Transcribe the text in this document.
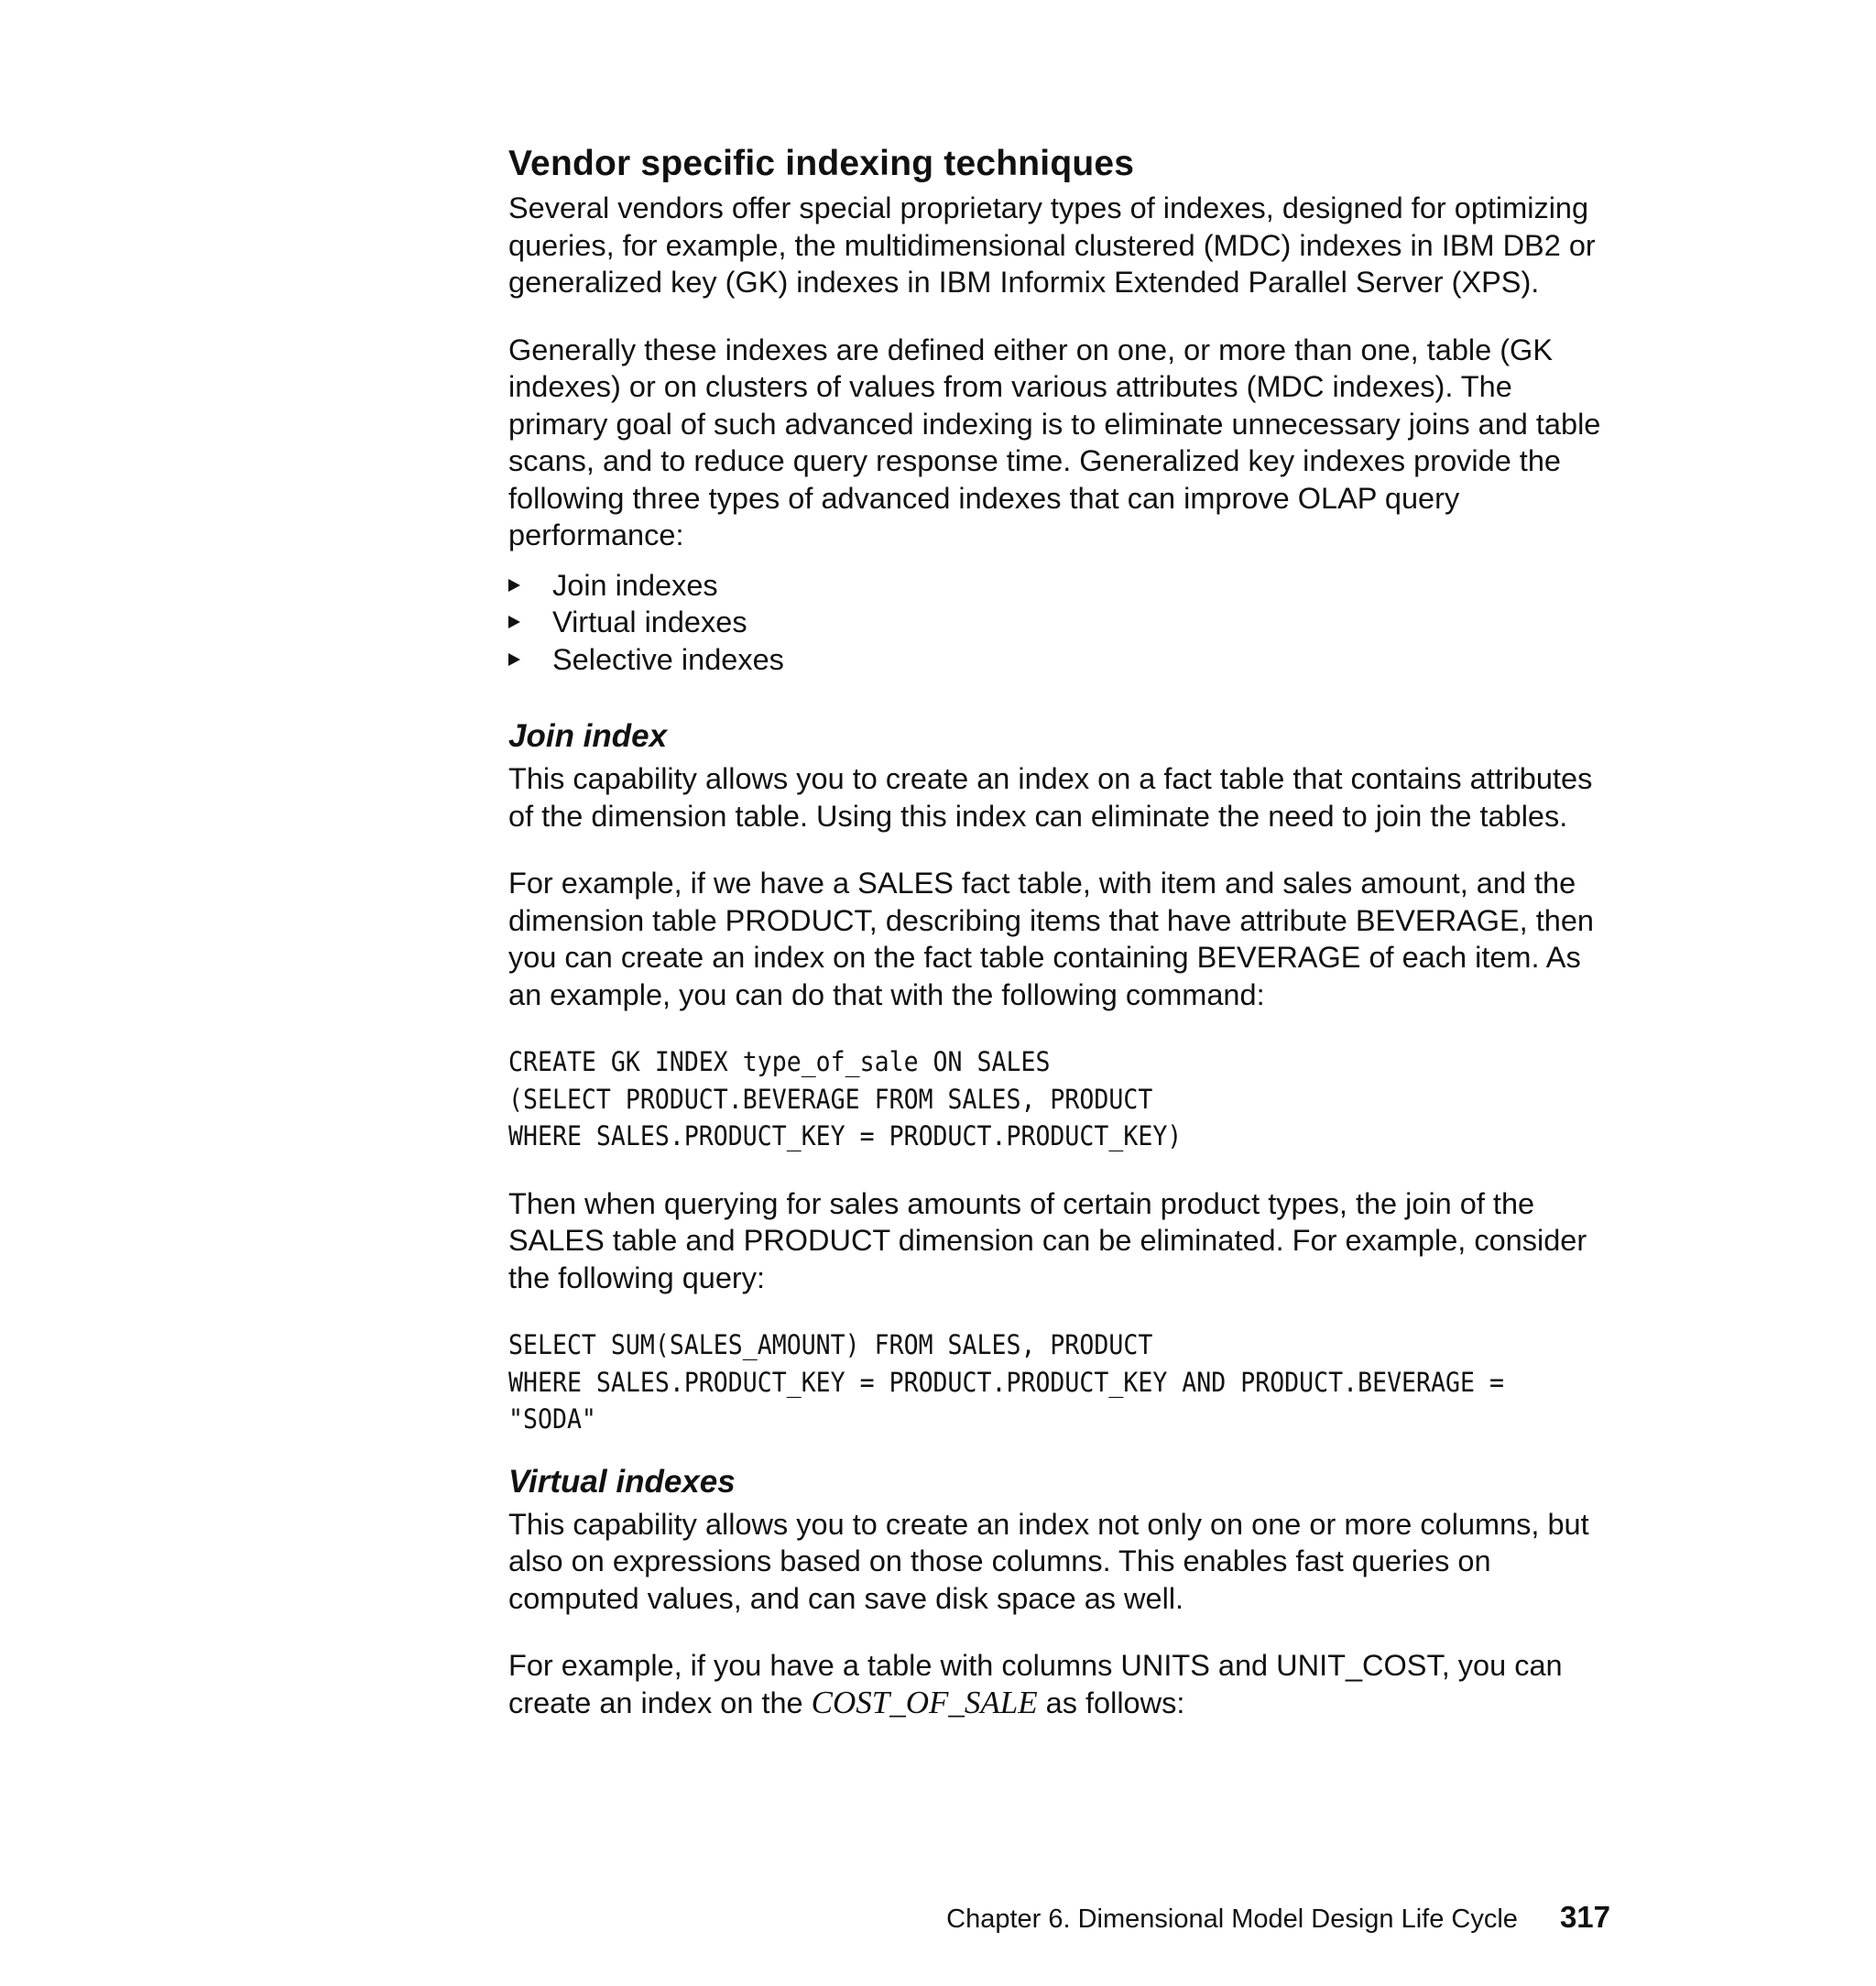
Vendor specific indexing techniques

Several vendors offer special proprietary types of indexes, designed for optimizing queries, for example, the multidimensional clustered (MDC) indexes in IBM DB2 or generalized key (GK) indexes in IBM Informix Extended Parallel Server (XPS).

Generally these indexes are defined either on one, or more than one, table (GK indexes) or on clusters of values from various attributes (MDC indexes). The primary goal of such advanced indexing is to eliminate unnecessary joins and table scans, and to reduce query response time. Generalized key indexes provide the following three types of advanced indexes that can improve OLAP query performance:

Join indexes
Virtual indexes
Selective indexes
Join index

This capability allows you to create an index on a fact table that contains attributes of the dimension table. Using this index can eliminate the need to join the tables.

For example, if we have a SALES fact table, with item and sales amount, and the dimension table PRODUCT, describing items that have attribute BEVERAGE, then you can create an index on the fact table containing BEVERAGE of each item. As an example, you can do that with the following command:

CREATE GK INDEX type_of_sale ON SALES
(SELECT PRODUCT.BEVERAGE FROM SALES, PRODUCT
WHERE SALES.PRODUCT_KEY = PRODUCT.PRODUCT_KEY)

Then when querying for sales amounts of certain product types, the join of the SALES table and PRODUCT dimension can be eliminated. For example, consider the following query:

SELECT SUM(SALES_AMOUNT) FROM SALES, PRODUCT
WHERE SALES.PRODUCT_KEY = PRODUCT.PRODUCT_KEY AND PRODUCT.BEVERAGE =
"SODA"
Virtual indexes

This capability allows you to create an index not only on one or more columns, but also on expressions based on those columns. This enables fast queries on computed values, and can save disk space as well.

For example, if you have a table with columns UNITS and UNIT_COST, you can create an index on the COST_OF_SALE as follows:

Chapter 6. Dimensional Model Design Life Cycle 317
